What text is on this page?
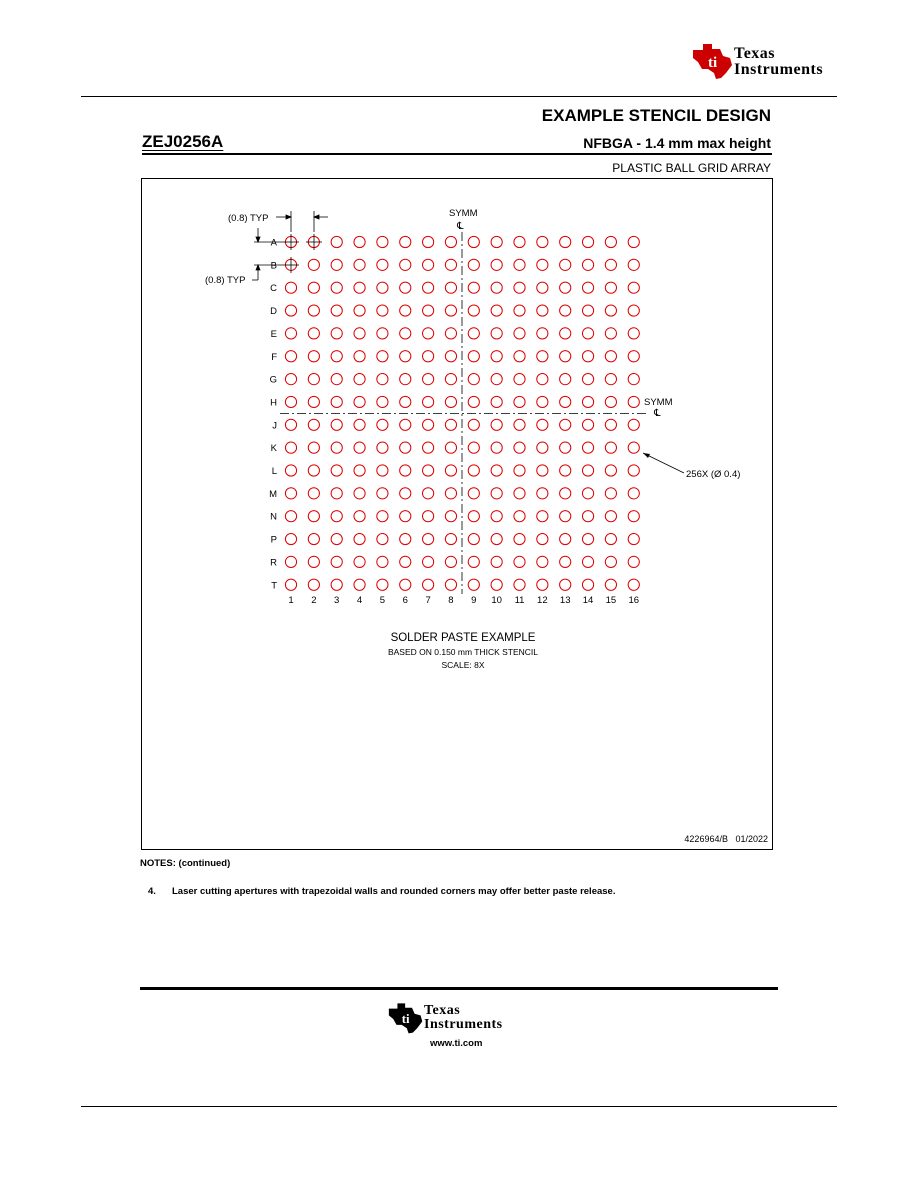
ti
Texas
Instruments
EXAMPLE STENCIL DESIGN
ZEJ0256A	NFBGA - 1.4 mm max height
PLASTIC BALL GRID ARRAY
A
B
C
D
E
F
G
H
J
K
L
M
N
P
R
T
1 2 3 4 5 6 7 8 9 10 11 12 13 14 15 16
(0.8) TYP
(0.8) TYP
SYMM
℄
SYMM
℄
256X (Ø 0.4)
SOLDER PASTE EXAMPLE
BASED ON 0.150 mm THICK STENCIL
SCALE: 8X
4226964/B   01/2022
NOTES: (continued)
4. Laser cutting apertures with trapezoidal walls and rounded corners may offer better paste release.
ti
Texas
Instruments
www.ti.com
